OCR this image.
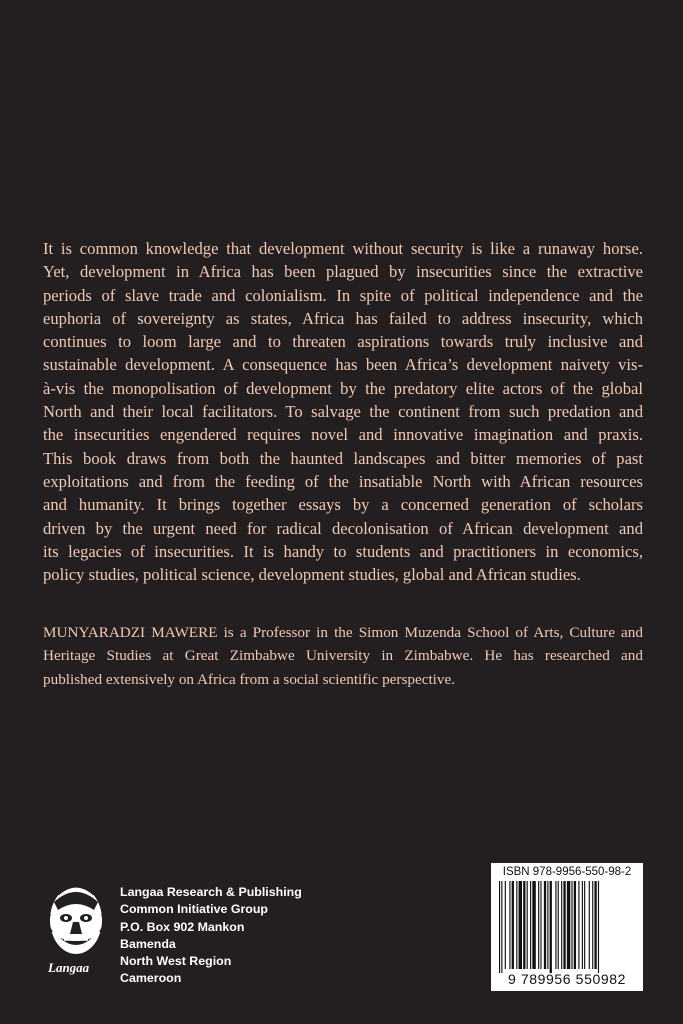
It is common knowledge that development without security is like a runaway horse.
Yet, development in Africa has been plagued by insecurities since the extractive
periods of slave trade and colonialism. In spite of political independence and the
euphoria of sovereignty as states, Africa has failed to address insecurity, which
continues to loom large and to threaten aspirations towards truly inclusive and
sustainable development. A consequence has been Africa’s development naivety vis-
à-vis the monopolisation of development by the predatory elite actors of the global
North and their local facilitators. To salvage the continent from such predation and
the insecurities engendered requires novel and innovative imagination and praxis.
This book draws from both the haunted landscapes and bitter memories of past
exploitations and from the feeding of the insatiable North with African resources
and humanity. It brings together essays by a concerned generation of scholars
driven by the urgent need for radical decolonisation of African development and
its legacies of insecurities. It is handy to students and practitioners in economics,
policy studies, political science, development studies, global and African studies.
MUNYARADZI MAWERE is a Professor in the Simon Muzenda School of Arts, Culture and
Heritage Studies at Great Zimbabwe University in Zimbabwe. He has researched and
published extensively on Africa from a social scientific perspective.
Langaa
Langaa Research & Publishing
Common Initiative Group
P.O. Box 902 Mankon
Bamenda
North West Region
Cameroon
ISBN 978-9956-550-98-2
9 789956 550982
